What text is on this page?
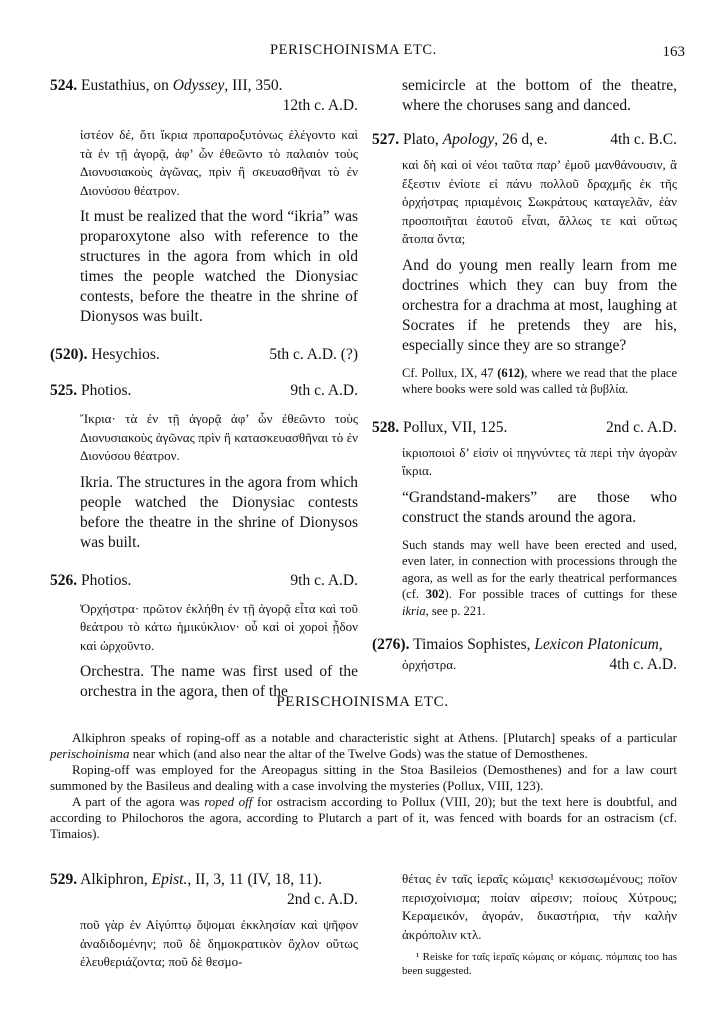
PERISCHOINISMA ETC.	163
524. Eustathius, on Odyssey, III, 350.
12th c. A.D.
ἰστέον δέ, ὅτι ἴκρια προπαροξυτόνως ἐλέγοντο καὶ τὰ ἐν τῇ ἀγορᾷ, ἀφ’ ὧν ἐθεῶντο τὸ παλαιὸν τοὺς Διονυσιακοὺς ἀγῶνας, πρὶν ἢ σκευασθῆναι τὸ ἐν Διονύσου θέατρον.
It must be realized that the word “ikria” was proparoxytone also with reference to the structures in the agora from which in old times the people watched the Dionysiac contests, before the theatre in the shrine of Dionysos was built.
(520). Hesychios.	5th c. A.D. (?)
525. Photios.	9th c. A.D.
Ἴκρια· τὰ ἐν τῇ ἀγορᾷ ἀφ’ ὧν ἐθεῶντο τοὺς Διονυσιακοὺς ἀγῶνας πρὶν ἢ κατασκευασθῆναι τὸ ἐν Διονύσου θέατρον.
Ikria. The structures in the agora from which people watched the Dionysiac contests before the theatre in the shrine of Dionysos was built.
526. Photios.	9th c. A.D.
Ὀρχήστρα· πρῶτον ἐκλήθη ἐν τῇ ἀγορᾷ εἶτα καὶ τοῦ θεάτρου τὸ κάτω ἡμικύκλιον· οὗ καὶ οἱ χοροὶ ᾖδον καὶ ὠρχοῦντο.
Orchestra. The name was first used of the orchestra in the agora, then of the
semicircle at the bottom of the theatre, where the choruses sang and danced.
527. Plato, Apology, 26 d, e.	4th c. B.C.
καὶ δὴ καὶ οἱ νέοι ταῦτα παρ’ ἐμοῦ μανθάνουσιν, ἃ ἔξεστιν ἐνίοτε εἰ πάνυ πολλοῦ δραχμῆς ἐκ τῆς ὀρχήστρας πριαμένοις Σωκράτους καταγελᾶν, ἐὰν προσποιῆται ἑαυτοῦ εἶναι, ἄλλως τε καὶ οὕτως ἄτοπα ὄντα;
And do young men really learn from me doctrines which they can buy from the orchestra for a drachma at most, laughing at Socrates if he pretends they are his, especially since they are so strange?
Cf. Pollux, IX, 47 (612), where we read that the place where books were sold was called τὰ βυβλία.
528. Pollux, VII, 125.	2nd c. A.D.
ἰκριοποιοὶ δ’ εἰσὶν οἱ πηγνύντες τὰ περὶ τὴν ἀγορὰν ἴκρια.
“Grandstand-makers” are those who construct the stands around the agora.
Such stands may well have been erected and used, even later, in connection with processions through the agora, as well as for the early theatrical performances (cf. 302). For possible traces of cuttings for these ikria, see p. 221.
(276). Timaios Sophistes, Lexicon Platonicum,
ὀρχήστρα.	4th c. A.D.
PERISCHOINISMA ETC.

Alkiphron speaks of roping-off as a notable and characteristic sight at Athens. [Plutarch] speaks of a particular perischoinisma near which (and also near the altar of the Twelve Gods) was the statue of Demosthenes.

Roping-off was employed for the Areopagus sitting in the Stoa Basileios (Demosthenes) and for a law court summoned by the Basileus and dealing with a case involving the mysteries (Pollux, VIII, 123).

A part of the agora was roped off for ostracism according to Pollux (VIII, 20); but the text here is doubtful, and according to Philochoros the agora, according to Plutarch a part of it, was fenced with boards for an ostracism (cf. Timaios).

529. Alkiphron, Epist., II, 3, 11 (IV, 18, 11).
2nd c. A.D.
ποῦ γὰρ ἐν Αἰγύπτῳ ὄψομαι ἐκκλησίαν καὶ ψῆφον ἀναδιδομένην; ποῦ δὲ δημοκρατικὸν ὄχλον οὕτως ἐλευθεριάζοντα; ποῦ δὲ θεσμο-
θέτας ἐν ταῖς ἱεραῖς κώμαις¹ κεκισσωμένους; ποῖον περισχοίνισμα; ποίαν αἱρεσιν; ποίους Χύτρους; Κεραμεικόν, ἀγοράν, δικαστήρια, τὴν καλὴν ἀκρόπολιν κτλ.
¹ Reiske for ταῖς ἱεραῖς κώμαις or κόμαις. πόμπαις too has been suggested.
